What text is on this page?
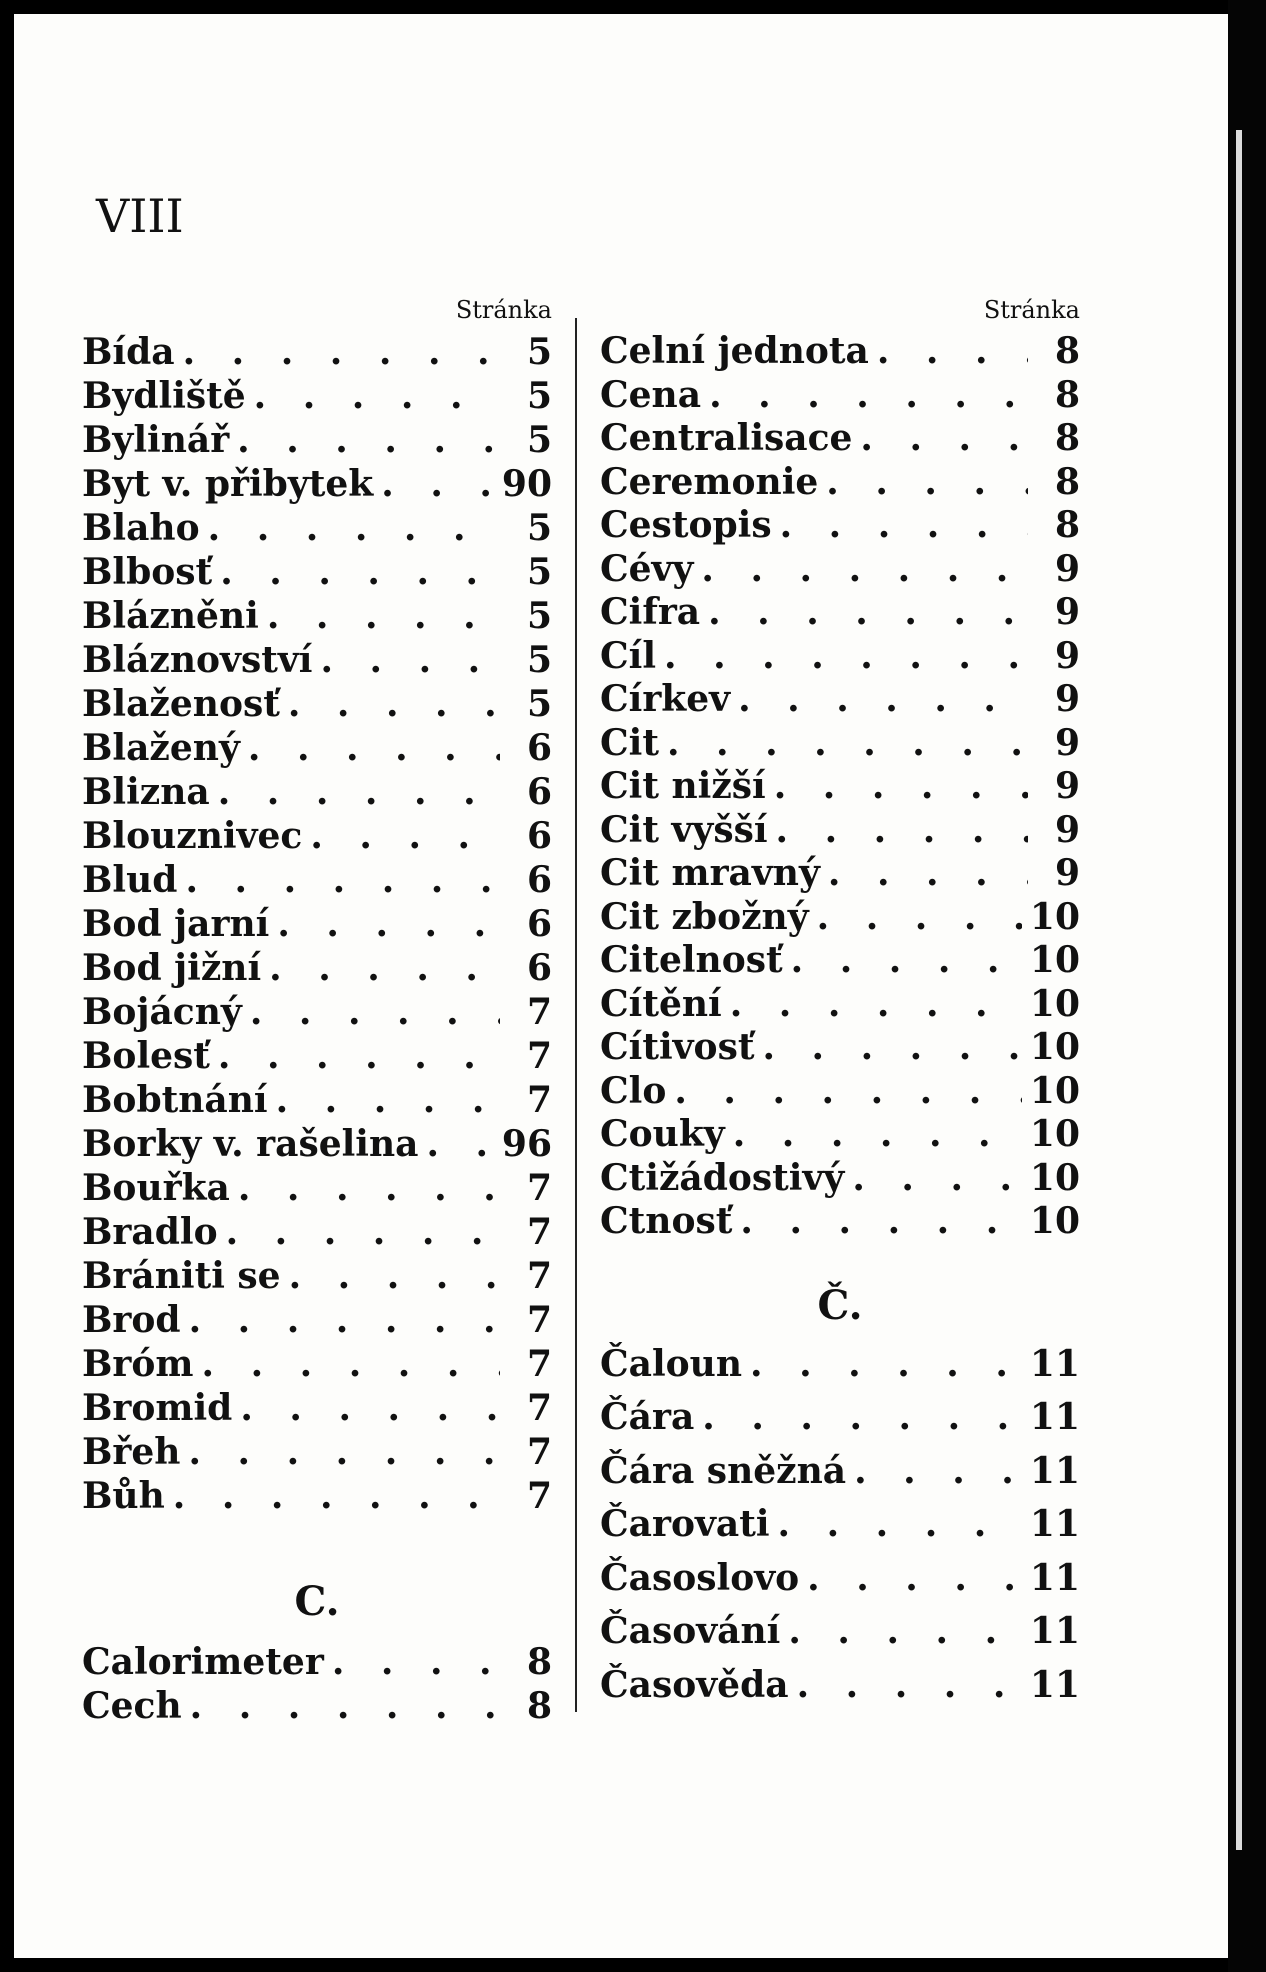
VIII
Stránka
Bída . . .	5
Bydliště . . .	5
Bylinář . . .	5
Byt v. přibytek . . .	90
Blaho . . .	5
Blbosť . . .	5
Blázněni . . .	5
Bláznovství . . .	5
Blaženosť . . .	5
Blažený . . .	6
Blizna . . .	6
Blouznivec . . .	6
Blud . . .	6
Bod jarní . . .	6
Bod jižní . . .	6
Bojácný . . .	7
Bolesť . . .	7
Bobtnání . . .	7
Borky v. rašelina . . . 96
Bouřka . . .	7
Bradlo . . .	7
Brániti se . . .	7
Brod . . .	7
Bróm . . .	7
Bromid . . .	7
Břeh . . .	7
Bůh . . .	7
C.
Calorimeter . . .	8
Cech . . .	8
Stránka
Celní jednota . . .	8
Cena . . .	8
Centralisace . . .	8
Ceremonie . . .	8
Cestopis . . .	8
Cévy . . .	9
Cifra . . .	9
Cíl . . .	9
Církev . . .	9
Cit . . .	9
Cit nižší . . .	9
Cit vyšší . . .	9
Cit mravný . . .	9
Cit zbožný . . .	10
Citelnosť . . .	10
Cítění . . .	10
Cítivosť . . .	10
Clo . . .	10
Couky . . .	10
Ctižádostivý . . .	10
Ctnosť . . .	10
Č.
Čaloun . . .	11
Čára . . .	11
Čára sněžná . . .	11
Čarovati . . .	11
Časoslovo . . .	11
Časování . . .	11
Časověda . . .	11
